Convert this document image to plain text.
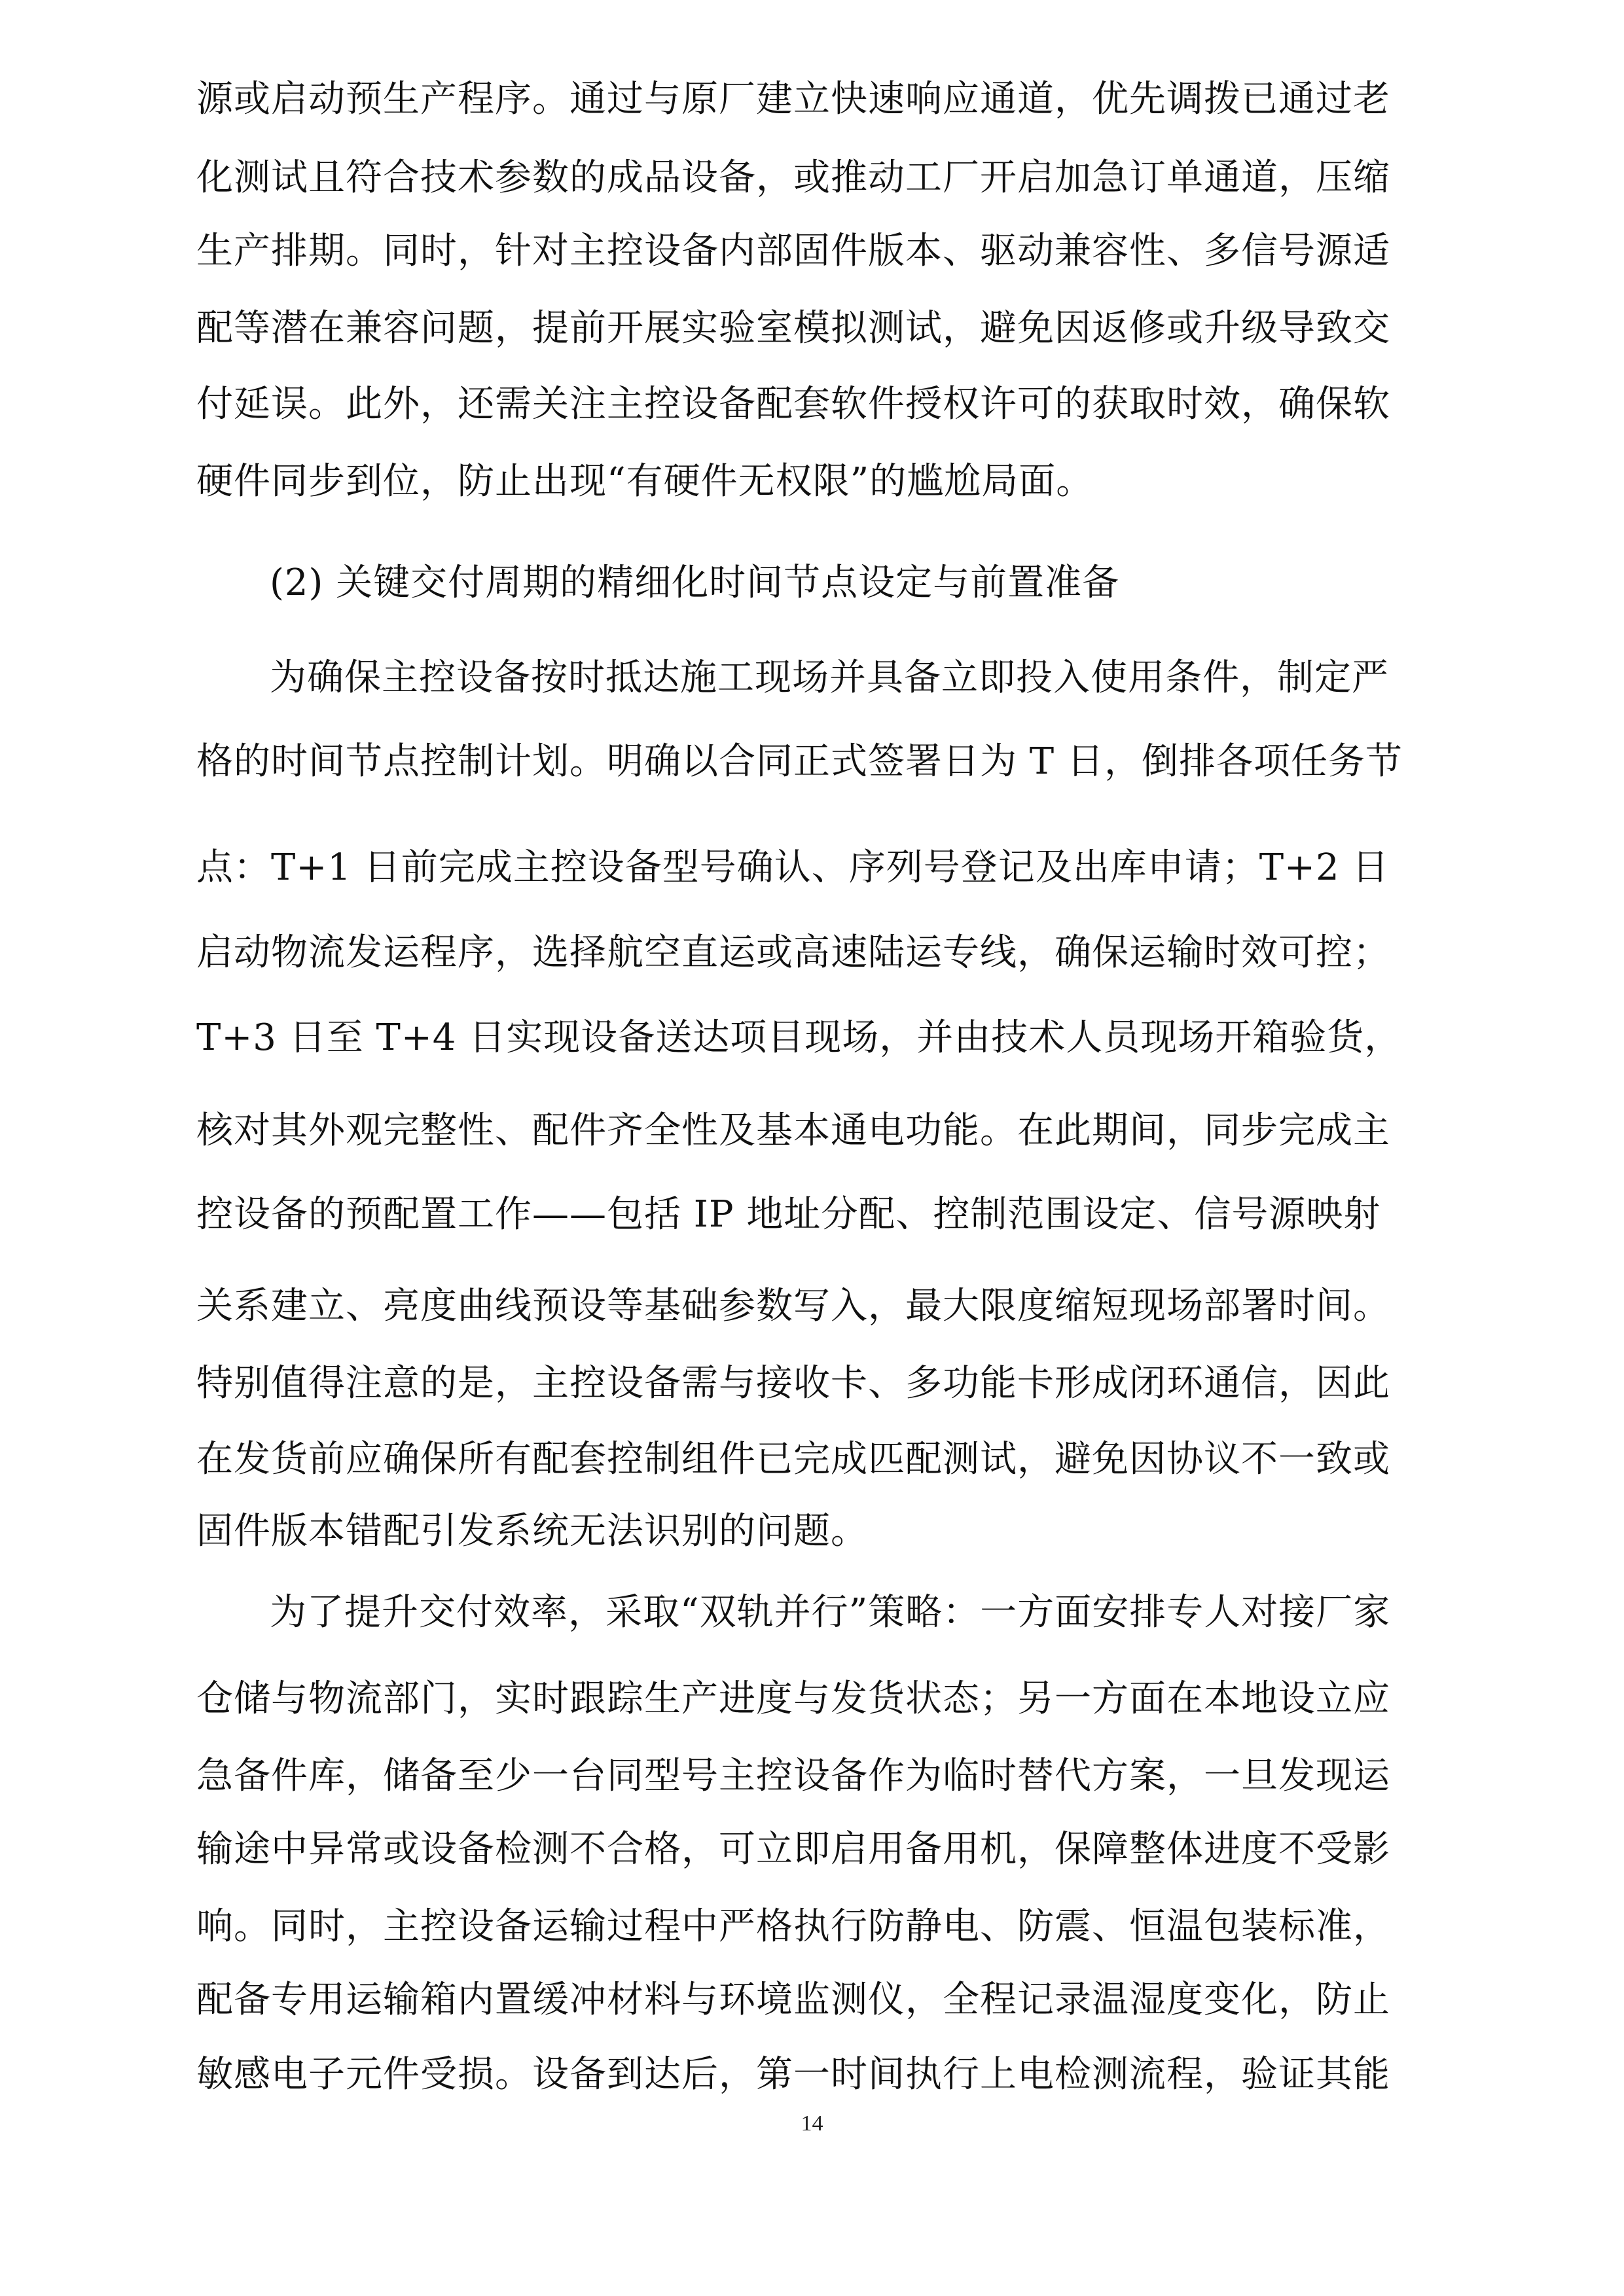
源或启动预生产程序。通过与原厂建立快速响应通道，优先调拨已通过老
化测试且符合技术参数的成品设备，或推动工厂开启加急订单通道，压缩
生产排期。同时，针对主控设备内部固件版本、驱动兼容性、多信号源适
配等潜在兼容问题，提前开展实验室模拟测试，避免因返修或升级导致交
付延误。此外，还需关注主控设备配套软件授权许可的获取时效，确保软
硬件同步到位，防止出现“有硬件无权限”的尴尬局面。
(2) 关键交付周期的精细化时间节点设定与前置准备
为确保主控设备按时抵达施工现场并具备立即投入使用条件，制定严
格的时间节点控制计划。明确以合同正式签署日为 T 日，倒排各项任务节
点：T+1 日前完成主控设备型号确认、序列号登记及出库申请；T+2 日
启动物流发运程序，选择航空直运或高速陆运专线，确保运输时效可控；
T+3 日至 T+4 日实现设备送达项目现场，并由技术人员现场开箱验货，
核对其外观完整性、配件齐全性及基本通电功能。在此期间，同步完成主
控设备的预配置工作——包括 IP 地址分配、控制范围设定、信号源映射
关系建立、亮度曲线预设等基础参数写入，最大限度缩短现场部署时间。
特别值得注意的是，主控设备需与接收卡、多功能卡形成闭环通信，因此
在发货前应确保所有配套控制组件已完成匹配测试，避免因协议不一致或
固件版本错配引发系统无法识别的问题。
为了提升交付效率，采取“双轨并行”策略：一方面安排专人对接厂家
仓储与物流部门，实时跟踪生产进度与发货状态；另一方面在本地设立应
急备件库，储备至少一台同型号主控设备作为临时替代方案，一旦发现运
输途中异常或设备检测不合格，可立即启用备用机，保障整体进度不受影
响。同时，主控设备运输过程中严格执行防静电、防震、恒温包装标准，
配备专用运输箱内置缓冲材料与环境监测仪，全程记录温湿度变化，防止
敏感电子元件受损。设备到达后，第一时间执行上电检测流程，验证其能
14
